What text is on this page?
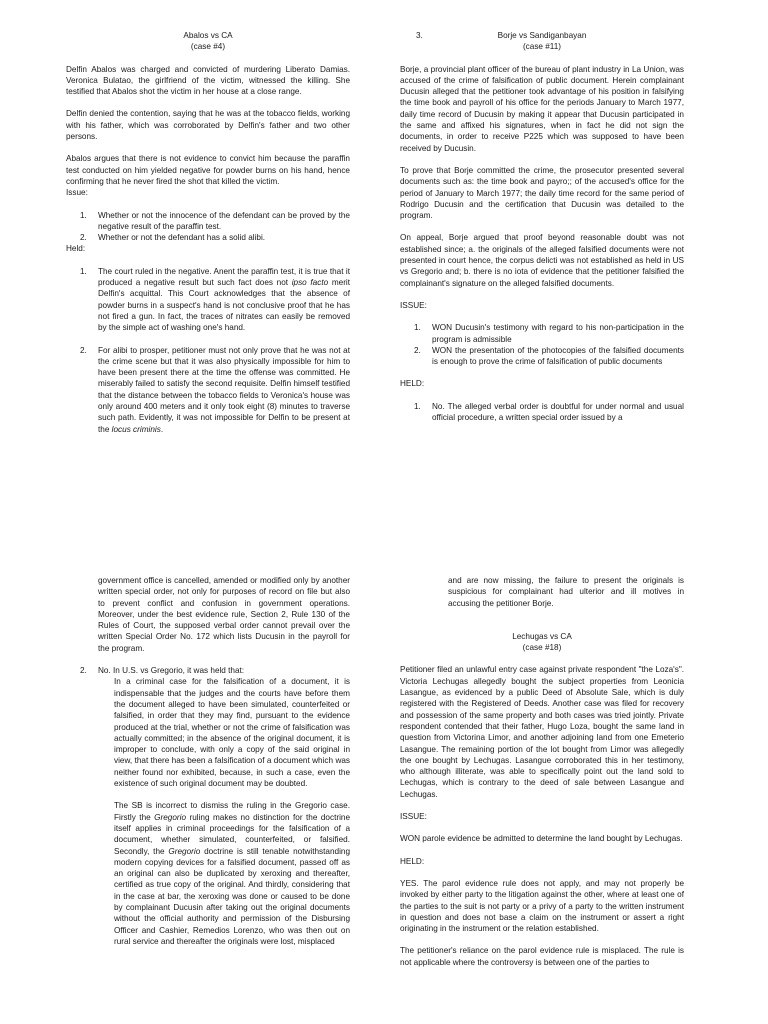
Abalos vs CA

(case #4)

Delfin Abalos was charged and convicted of murdering Liberato Damias. Veronica Bulatao, the girlfriend of the victim, witnessed the killing. She testified that Abalos shot the victim in her house at a close range.

Delfin denied the contention, saying that he was at the tobacco fields, working with his father, which was corroborated by Delfin's father and two other persons.

Abalos argues that there is not evidence to convict him because the paraffin test conducted on him yielded negative for powder burns on his hand, hence confirming that he never fired the shot that killed the victim.

Issue:

1. Whether or not the innocence of the defendant can be proved by the negative result of the paraffin test.
2. Whether or not the defendant has a solid alibi.

Held:

1. The court ruled in the negative. Anent the paraffin test, it is true that it produced a negative result but such fact does not ipso facto merit Delfin's acquittal. This Court acknowledges that the absence of powder burns in a suspect's hand is not conclusive proof that he has not fired a gun. In fact, the traces of nitrates can easily be removed by the simple act of washing one's hand.
2. For alibi to prosper, petitioner must not only prove that he was not at the crime scene but that it was also physically impossible for him to have been present there at the time the offense was committed. He miserably failed to satisfy the second requisite. Delfin himself testified that the distance between the tobacco fields to Veronica's house was only around 400 meters and it only took eight (8) minutes to traverse such path. Evidently, it was not impossible for Delfin to be present at the locus criminis.

3.	Borje vs Sandiganbayan

(case #11)

Borje, a provincial plant officer of the bureau of plant industry in La Union, was accused of the crime of falsification of public document. Herein complainant Ducusin alleged that the petitioner took advantage of his position in falsifying the time book and payroll of his office for the periods January to March 1977, daily time record of Ducusin by making it appear that Ducusin participated in the same and affixed his signatures, when in fact he did not sign the documents, in order to receive P225 which was supposed to have been received by Ducusin.

To prove that Borje committed the crime, the prosecutor presented several documents such as: the time book and payro;; of the accused's office for the period of January to March 1977; the daily time record for the same period of Rodrigo Ducusin and the certification that Ducusin was detailed to the program.

On appeal, Borje argued that proof beyond reasonable doubt was not established since; a. the originals of the alleged falsified documents were not presented in court hence, the corpus delicti was not established as held in US vs Gregorio and; b. there is no iota of evidence that the petitioner falsified the complainant's signature on the alleged falsified documents.

ISSUE:

1. WON Ducusin's testimony with regard to his non-participation in the program is admissible
2. WON the presentation of the photocopies of the falsified documents is enough to prove the crime of falsification of public documents

HELD:

1. No. The alleged verbal order is doubtful for under normal and usual official procedure, a written special order issued by a

government office is cancelled, amended or modified only by another written special order, not only for purposes of record on file but also to prevent conflict and confusion in government operations. Moreover, under the best evidence rule, Section 2, Rule 130 of the Rules of Court, the supposed verbal order cannot prevail over the written Special Order No. 172 which lists Ducusin in the payroll for the program.

2. No. In U.S. vs Gregorio, it was held that:

In a criminal case for the falsification of a document, it is indispensable that the judges and the courts have before them the document alleged to have been simulated, counterfeited or falsified, in order that they may find, pursuant to the evidence produced at the trial, whether or not the crime of falsification was actually committed; in the absence of the original document, it is improper to conclude, with only a copy of the said original in view, that there has been a falsification of a document which was neither found nor exhibited, because, in such a case, even the existence of such original document may be doubted.

The SB is incorrect to dismiss the ruling in the Gregorio case. Firstly the Gregorio ruling makes no distinction for the doctrine itself applies in criminal proceedings for the falsification of a document, whether simulated, counterfeited, or falsified. Secondly, the Gregorio doctrine is still tenable notwithstanding modern copying devices for a falsified document, passed off as an original can also be duplicated by xeroxing and thereafter, certified as true copy of the original. And thirdly, considering that in the case at bar, the xeroxing was done or caused to be done by complainant Ducusin after taking out the original documents without the official authority and permission of the Disbursing Officer and Cashier, Remedios Lorenzo, who was then out on rural service and thereafter the originals were lost, misplaced

and are now missing, the failure to present the originals is suspicious for complainant had ulterior and ill motives in accusing the petitioner Borje.

Lechugas vs CA

(case #18)

Petitioner filed an unlawful entry case against private respondent "the Loza's". Victoria Lechugas allegedly bought the subject properties from Leonicia Lasangue, as evidenced by a public Deed of Absolute Sale, which is duly registered with the Registered of Deeds. Another case was filed for recovery and possession of the same property and both cases was tried jointly. Private respondent contended that their father, Hugo Loza, bought the same land in question from Victorina Limor, and another adjoining land from one Emeterio Lasangue. The remaining portion of the lot bought from Limor was allegedly the one bought by Lechugas. Lasangue corroborated this in her testimony, who although illiterate, was able to specifically point out the land sold to Lechugas, which is contrary to the deed of sale between Lasangue and Lechugas.

ISSUE:

WON parole evidence be admitted to determine the land bought by Lechugas.

HELD:

YES. The parol evidence rule does not apply, and may not properly be invoked by either party to the litigation against the other, where at least one of the parties to the suit is not party or a privy of a party to the written instrument in question and does not base a claim on the instrument or assert a right originating in the instrument or the relation established.

The petitioner's reliance on the parol evidence rule is misplaced. The rule is not applicable where the controversy is between one of the parties to
